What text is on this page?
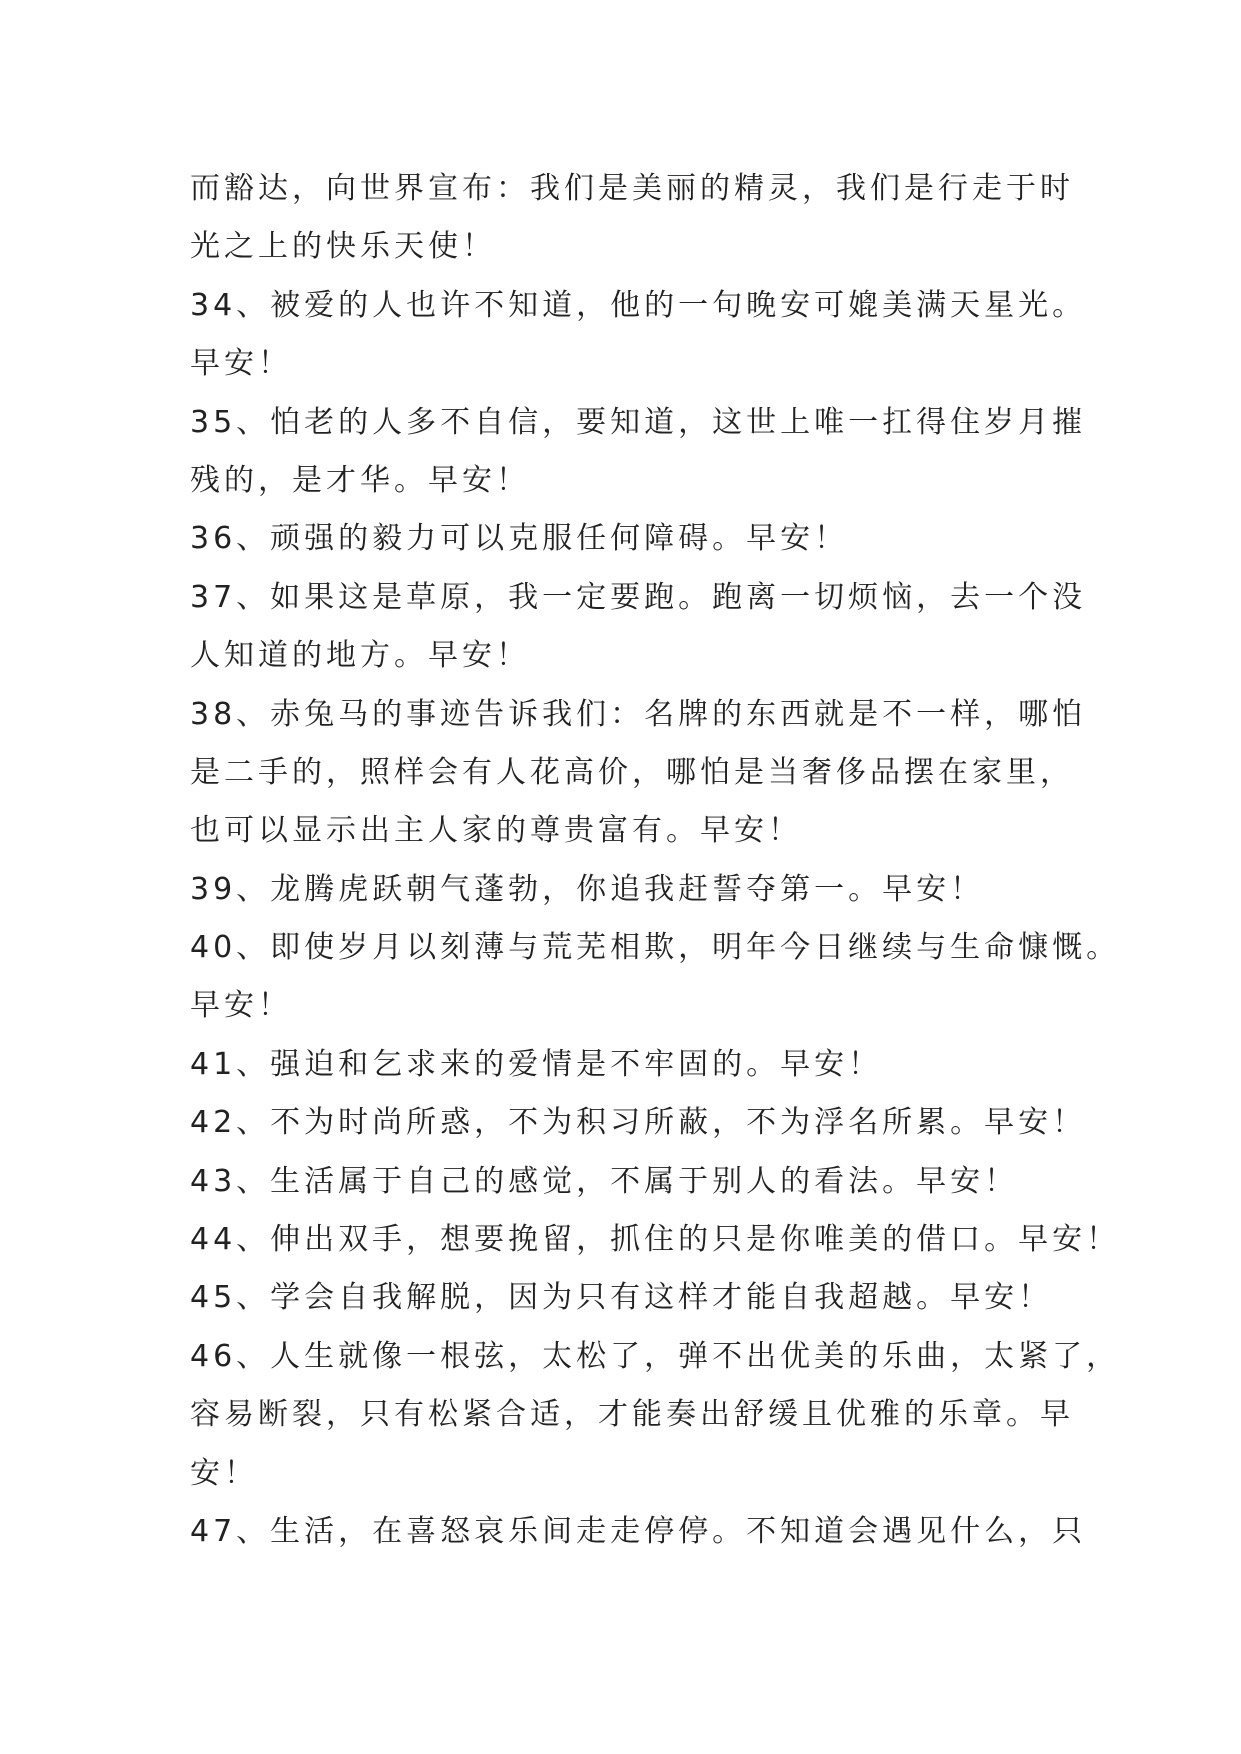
而豁达，向世界宣布：我们是美丽的精灵，我们是行走于时
光之上的快乐天使！
34、被爱的人也许不知道，他的一句晚安可媲美满天星光。
早安！
35、怕老的人多不自信，要知道，这世上唯一扛得住岁月摧
残的，是才华。早安！
36、顽强的毅力可以克服任何障碍。早安！
37、如果这是草原，我一定要跑。跑离一切烦恼，去一个没
人知道的地方。早安！
38、赤兔马的事迹告诉我们：名牌的东西就是不一样，哪怕
是二手的，照样会有人花高价，哪怕是当奢侈品摆在家里，
也可以显示出主人家的尊贵富有。早安！
39、龙腾虎跃朝气蓬勃，你追我赶誓夺第一。早安！
40、即使岁月以刻薄与荒芜相欺，明年今日继续与生命慷慨。
早安！
41、强迫和乞求来的爱情是不牢固的。早安！
42、不为时尚所惑，不为积习所蔽，不为浮名所累。早安！
43、生活属于自己的感觉，不属于别人的看法。早安！
44、伸出双手，想要挽留，抓住的只是你唯美的借口。早安！
45、学会自我解脱，因为只有这样才能自我超越。早安！
46、人生就像一根弦，太松了，弹不出优美的乐曲，太紧了，
容易断裂，只有松紧合适，才能奏出舒缓且优雅的乐章。早
安！
47、生活，在喜怒哀乐间走走停停。不知道会遇见什么，只
